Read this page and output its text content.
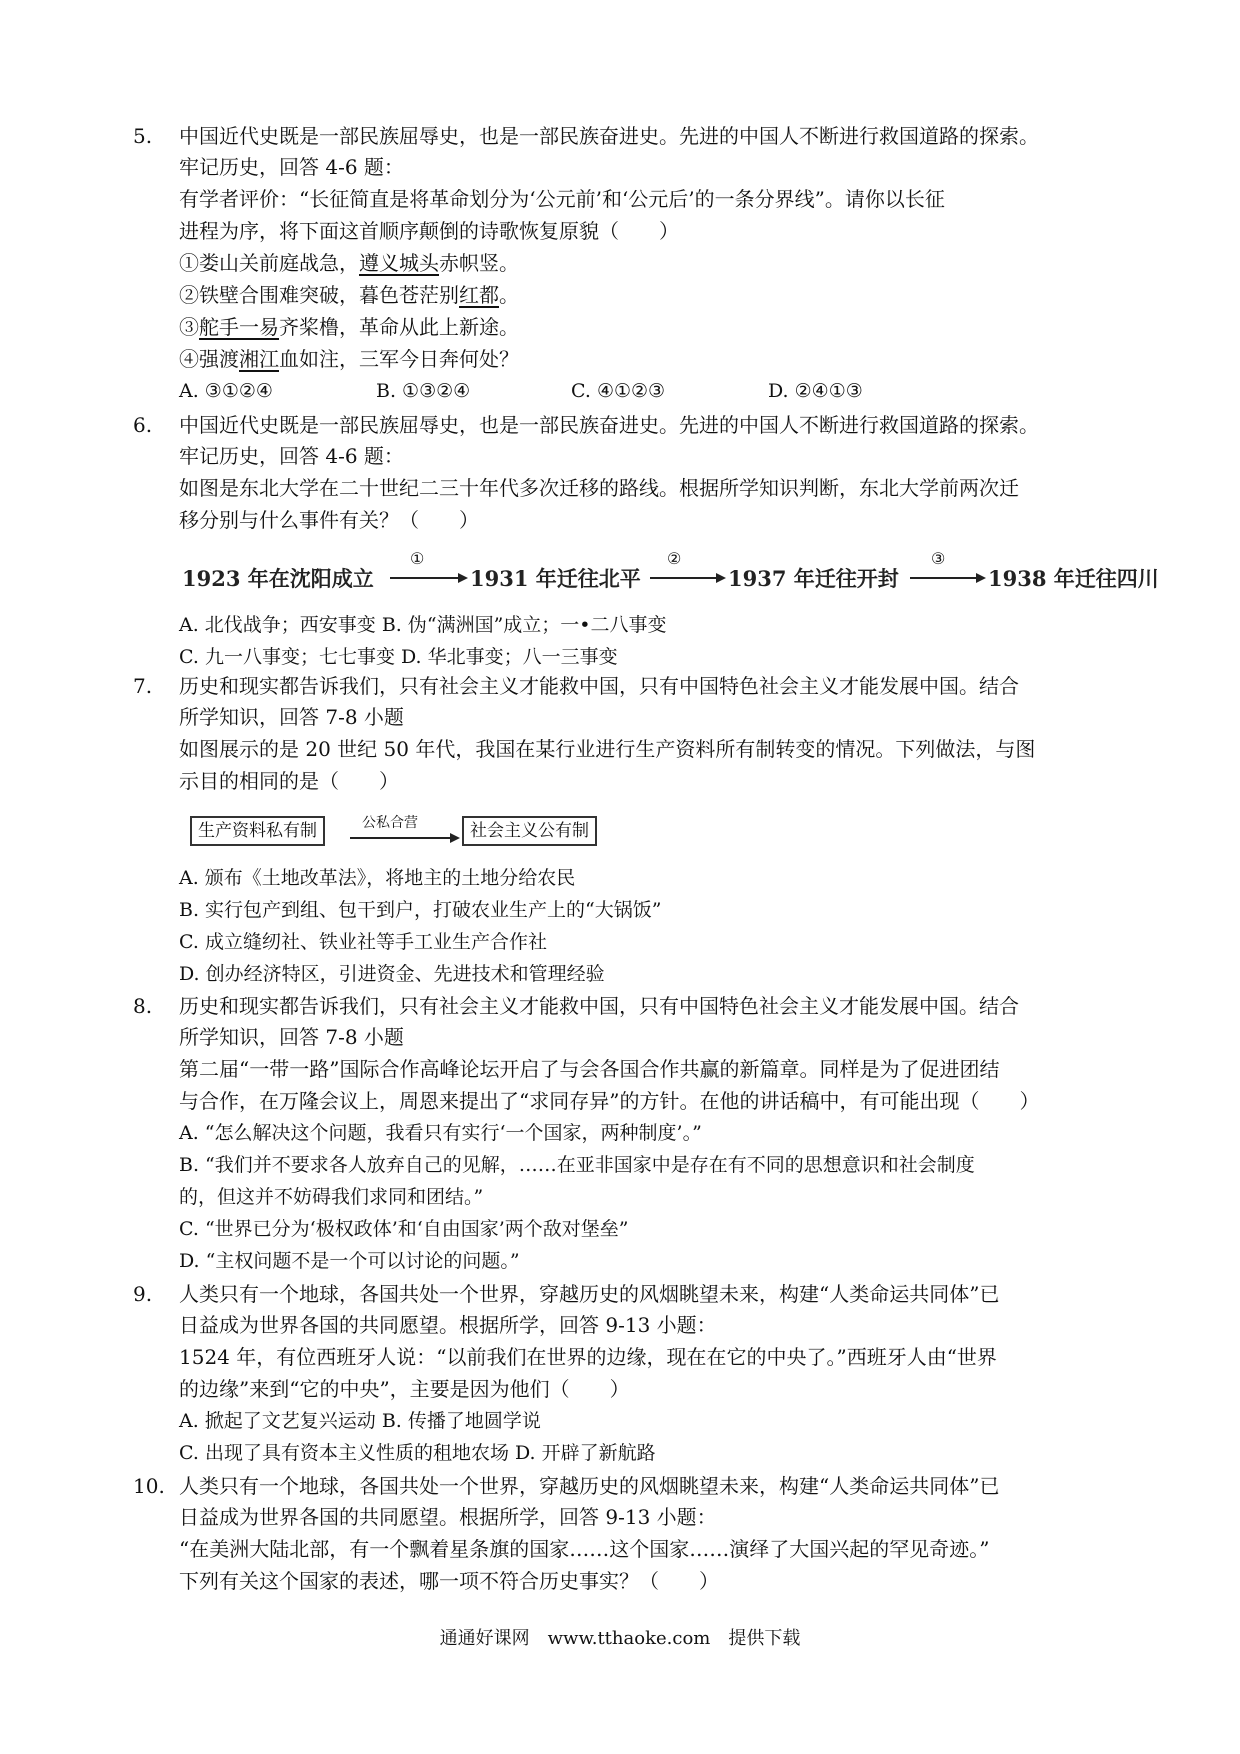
5. 中国近代史既是一部民族屈辱史，也是一部民族奋进史。先进的中国人不断进行救国道路的探索。
牢记历史，回答 4-6 题：
有学者评价：“长征简直是将革命划分为‘公元前’和‘公元后’的一条分界线”。请你以长征
进程为序，将下面这首顺序颠倒的诗歌恢复原貌（　　）
①娄山关前庭战急，遵义城头赤帜竖。
②铁壁合围难突破，暮色苍茫别红都。
③舵手一易齐桨橹，革命从此上新途。
④强渡湘江血如注，三军今日奔何处？
A. ③①②④	B. ①③②④	C. ④①②③	D. ②④①③
6. 中国近代史既是一部民族屈辱史，也是一部民族奋进史。先进的中国人不断进行救国道路的探索。
牢记历史，回答 4-6 题：
如图是东北大学在二十世纪二三十年代多次迁移的路线。根据所学知识判断，东北大学前两次迁
移分别与什么事件有关？（　　）
1923 年在沈阳成立
①
1931 年迁往北平
②
1937 年迁往开封
③
1938 年迁往四川
A. 北伐战争；西安事变 B. 伪“满洲国”成立；一•二八事变
C. 九一八事变；七七事变 D. 华北事变；八一三事变
7. 历史和现实都告诉我们，只有社会主义才能救中国，只有中国特色社会主义才能发展中国。结合
所学知识，回答 7-8 小题
如图展示的是 20 世纪 50 年代，我国在某行业进行生产资料所有制转变的情况。下列做法，与图
示目的相同的是（　　）
生产资料私有制	公私合营	社会主义公有制
A. 颁布《土地改革法》，将地主的土地分给农民
B. 实行包产到组、包干到户，打破农业生产上的“大锅饭”
C. 成立缝纫社、铁业社等手工业生产合作社
D. 创办经济特区，引进资金、先进技术和管理经验
8. 历史和现实都告诉我们，只有社会主义才能救中国，只有中国特色社会主义才能发展中国。结合
所学知识，回答 7-8 小题
第二届“一带一路”国际合作高峰论坛开启了与会各国合作共赢的新篇章。同样是为了促进团结
与合作，在万隆会议上，周恩来提出了“求同存异”的方针。在他的讲话稿中，有可能出现（　　）
A. “怎么解决这个问题，我看只有实行‘一个国家，两种制度’。”
B. “我们并不要求各人放弃自己的见解，……在亚非国家中是存在有不同的思想意识和社会制度
的，但这并不妨碍我们求同和团结。”
C. “世界已分为‘极权政体’和‘自由国家’两个敌对堡垒”
D. “主权问题不是一个可以讨论的问题。”
9. 人类只有一个地球，各国共处一个世界，穿越历史的风烟眺望未来，构建“人类命运共同体”已
日益成为世界各国的共同愿望。根据所学，回答 9-13 小题：
1524 年，有位西班牙人说：“以前我们在世界的边缘，现在在它的中央了。”西班牙人由“世界
的边缘”来到“它的中央”，主要是因为他们（　　）
A. 掀起了文艺复兴运动 B. 传播了地圆学说
C. 出现了具有资本主义性质的租地农场 D. 开辟了新航路
10. 人类只有一个地球，各国共处一个世界，穿越历史的风烟眺望未来，构建“人类命运共同体”已
日益成为世界各国的共同愿望。根据所学，回答 9-13 小题：
“在美洲大陆北部，有一个飘着星条旗的国家……这个国家……演绎了大国兴起的罕见奇迹。”
下列有关这个国家的表述，哪一项不符合历史事实？（　　）
通通好课网　www.tthaoke.com　提供下载
